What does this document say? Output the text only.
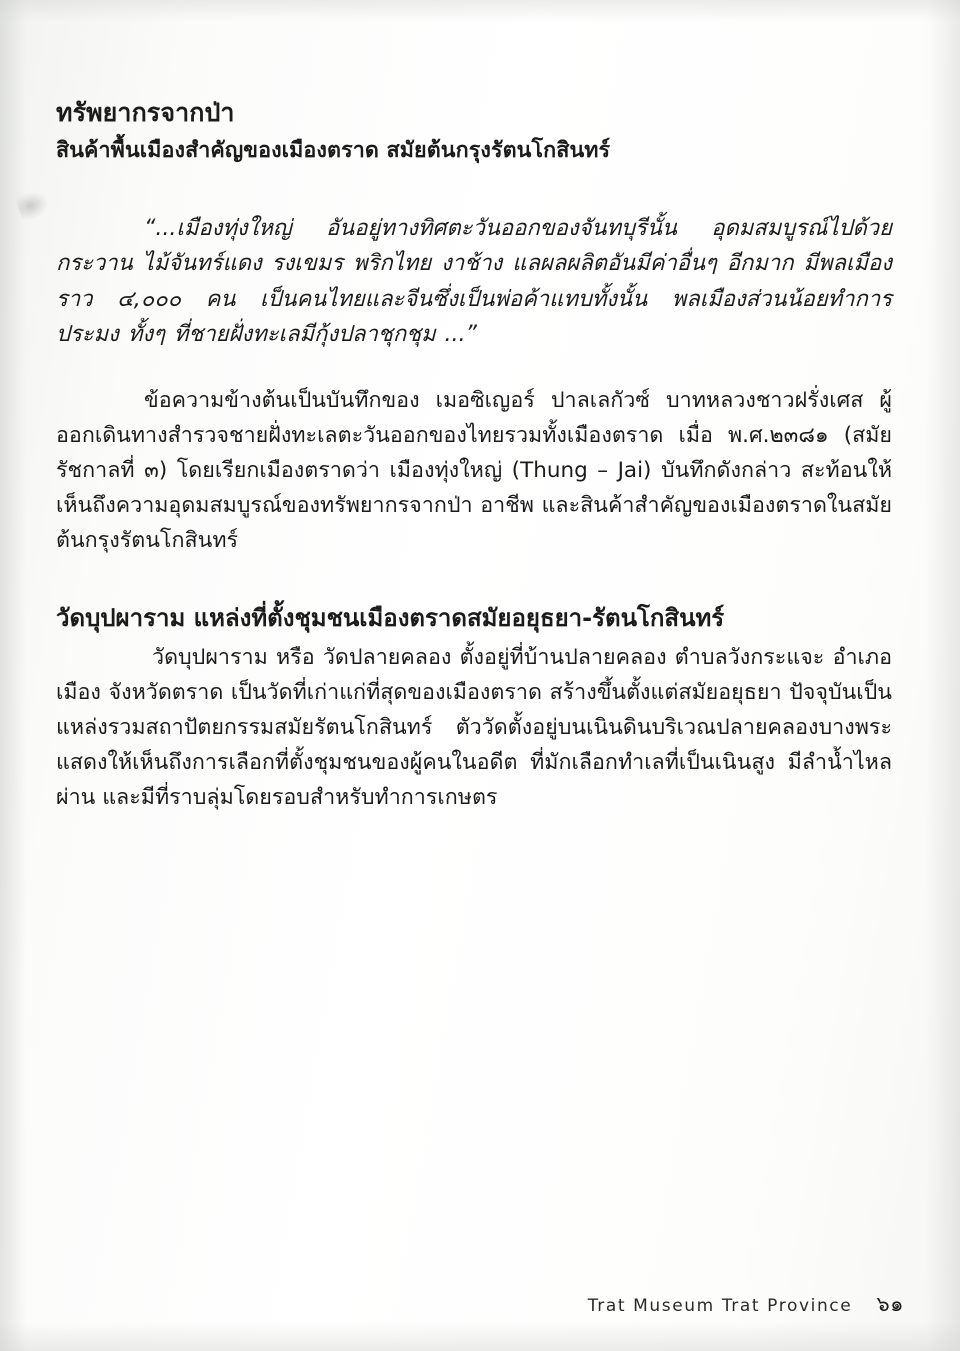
ทรัพยากรจากป่า
สินค้าพื้นเมืองสำคัญของเมืองตราด สมัยต้นกรุงรัตนโกสินทร์
“...เมืองทุ่งใหญ่ อันอยู่ทางทิศตะวันออกของจันทบุรีนั้น อุดมสมบูรณ์ไปด้วยกระวาน ไม้จันทร์แดง รงเขมร พริกไทย งาช้าง แลผลผลิตอันมีค่าอื่นๆ อีกมาก มีพลเมืองราว ๔,๐๐๐ คน เป็นคนไทยและจีนซึ่งเป็นพ่อค้าแทบทั้งนั้น พลเมืองส่วนน้อยทำการประมง ทั้งๆ ที่ชายฝั่งทะเลมีกุ้งปลาชุกชุม ...”
ข้อความข้างต้นเป็นบันทึกของ เมอซิเญอร์ ปาลเลกัวซ์ บาทหลวงชาวฝรั่งเศส ผู้ออกเดินทางสำรวจชายฝั่งทะเลตะวันออกของไทยรวมทั้งเมืองตราด เมื่อ พ.ศ.๒๓๘๑ (สมัยรัชกาลที่ ๓) โดยเรียกเมืองตราดว่า เมืองทุ่งใหญ่ (Thung – Jai) บันทึกดังกล่าว สะท้อนให้เห็นถึงความอุดมสมบูรณ์ของทรัพยากรจากป่า อาชีพ และสินค้าสำคัญของเมืองตราดในสมัยต้นกรุงรัตนโกสินทร์
วัดบุปผาราม แหล่งที่ตั้งชุมชนเมืองตราดสมัยอยุธยา-รัตนโกสินทร์
วัดบุปผาราม หรือ วัดปลายคลอง ตั้งอยู่ที่บ้านปลายคลอง ตำบลวังกระแจะ อำเภอเมือง จังหวัดตราด เป็นวัดที่เก่าแก่ที่สุดของเมืองตราด สร้างขึ้นตั้งแต่สมัยอยุธยา ปัจจุบันเป็นแหล่งรวมสถาปัตยกรรมสมัยรัตนโกสินทร์ ตัววัดตั้งอยู่บนเนินดินบริเวณปลายคลองบางพระ แสดงให้เห็นถึงการเลือกที่ตั้งชุมชนของผู้คนในอดีต ที่มักเลือกทำเลที่เป็นเนินสูง มีลำน้ำไหลผ่าน และมีที่ราบลุ่มโดยรอบสำหรับทำการเกษตร
Trat Museum Trat Province ๖๑
